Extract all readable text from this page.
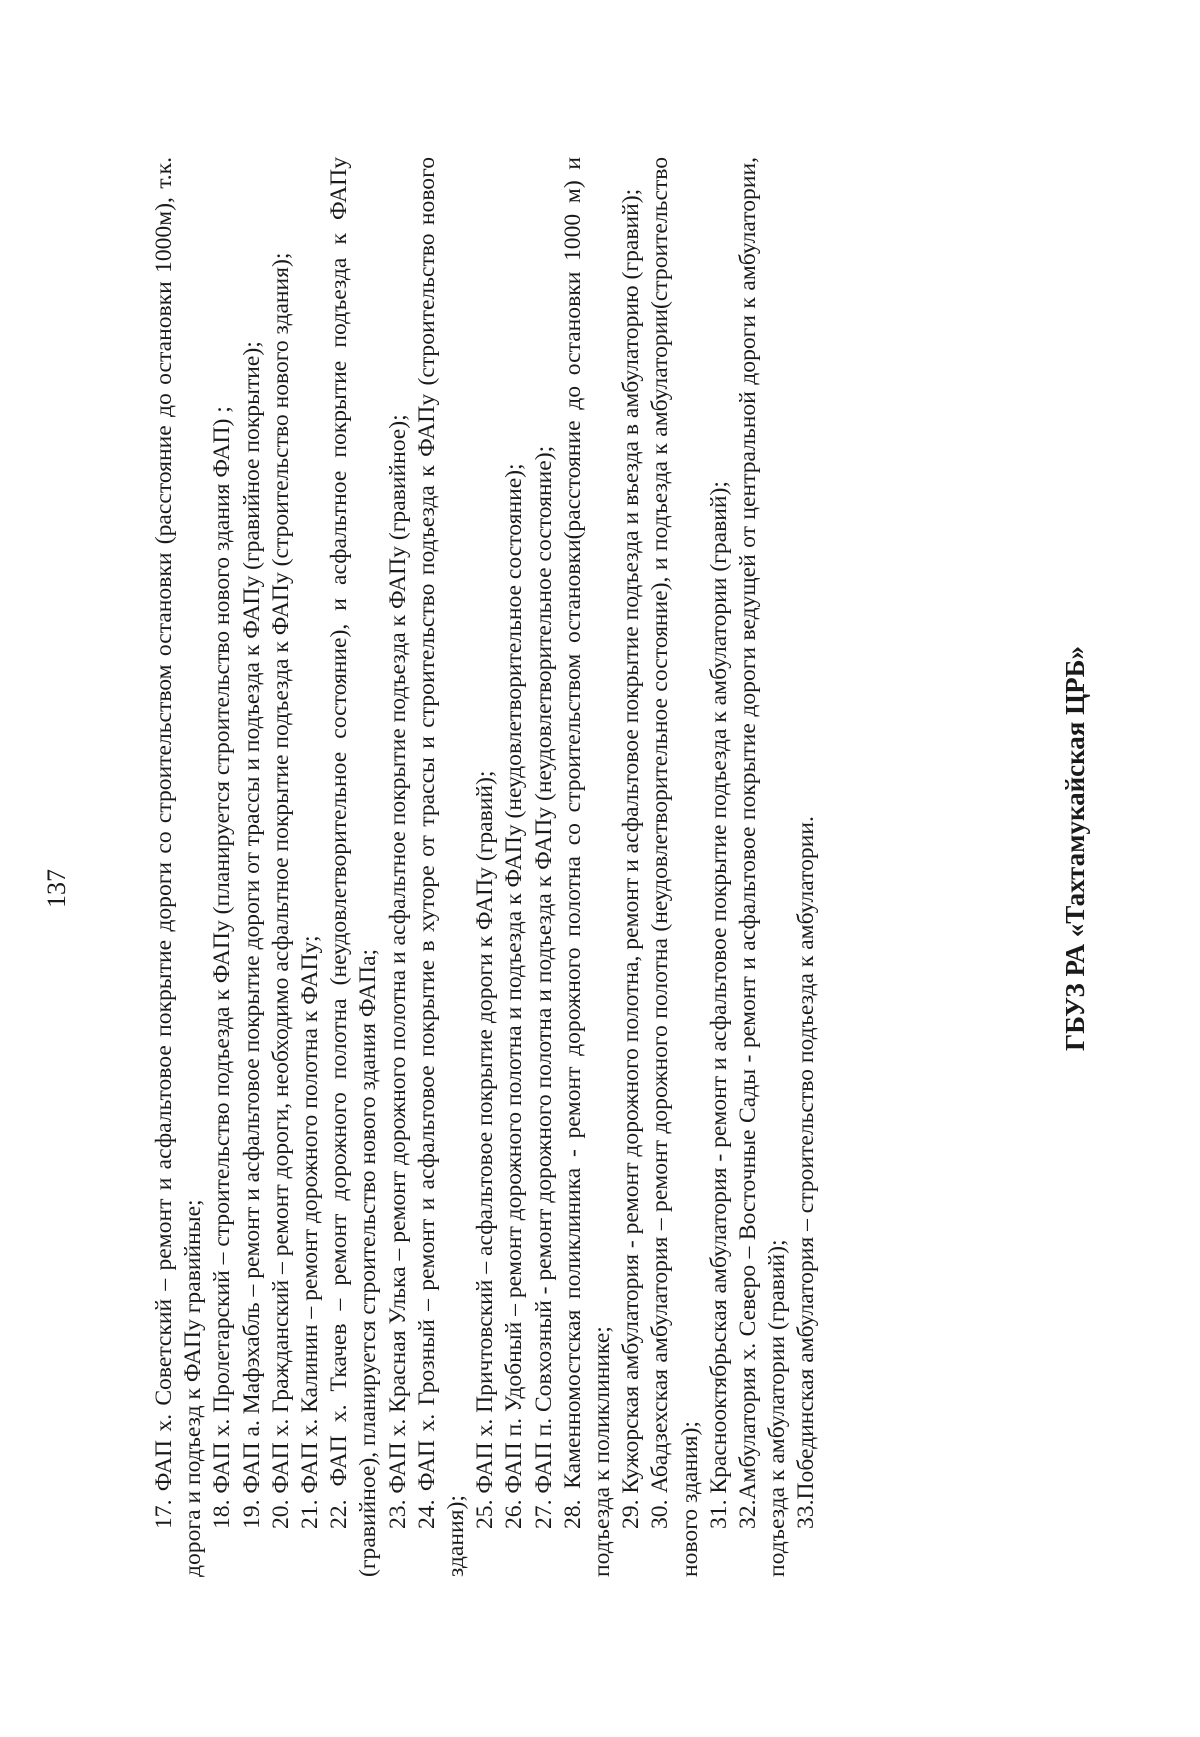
137	17. ФАП х. Советский – ремонт и асфальтовое покрытие дороги со строительством остановки (расстояние до остановки 1000м), т.к. дорога и подъезд к ФАПу гравийные; 18. ФАП х. Пролетарский – строительство подъезда к ФАПу (планируется строительство нового здания ФАП) ; 19. ФАП а. Мафэхабль – ремонт и асфальтовое покрытие дороги от трассы и подъезда к ФАПу (гравийное покрытие); 20. ФАП х. Гражданский – ремонт дороги, необходимо асфальтное покрытие подъезда к ФАПу (строительство нового здания); 21. ФАП х. Калинин – ремонт дорожного полотна к ФАПу; 22. ФАП х. Ткачев – ремонт дорожного полотна (неудовлетворительное состояние), и асфальтное покрытие подъезда к ФАПу (гравийное), планируется строительство нового здания ФАПа; 23. ФАП х. Красная Улька – ремонт дорожного полотна и асфальтное покрытие подъезда к ФАПу (гравийное); 24. ФАП х. Грозный – ремонт и асфальтовое покрытие в хуторе от трассы и строительство подъезда к ФАПу (строительство нового здания);

25. ФАП х. Причтовский – асфальтовое покрытие дороги к ФАПу (гравий); 26. ФАП п. Удобный – ремонт дорожного полотна и подъезда к ФАПу (неудовлетворительное состояние); 27. ФАП п. Совхозный - ремонт дорожного полотна и подъезда к ФАПу (неудовлетворительное состояние); 28. Каменномостская поликлиника - ремонт дорожного полотна со строительством остановки(расстояние до остановки 1000 м) и подъезда к поликлинике; 29. Кужорская амбулатория - ремонт дорожного полотна, ремонт и асфальтовое покрытие подъезда и въезда в амбулаторию (гравий); 30. Абадзехская амбулатория – ремонт дорожного полотна (неудовлетворительное состояние), и подъезда к амбулатории(строительство нового здания); 31. Краснооктябрьская амбулатория - ремонт и асфальтовое покрытие подъезда к амбулатории (гравий); 32.Амбулатория х. Северо – Восточные Сады - ремонт и асфальтовое покрытие дороги ведущей от центральной дороги к амбулатории, подъезда к амбулатории (гравий); 33.Побединская амбулатория – строительство подъезда к амбулатории.	ГБУЗ РА «Тахтамукайская ЦРБ»
